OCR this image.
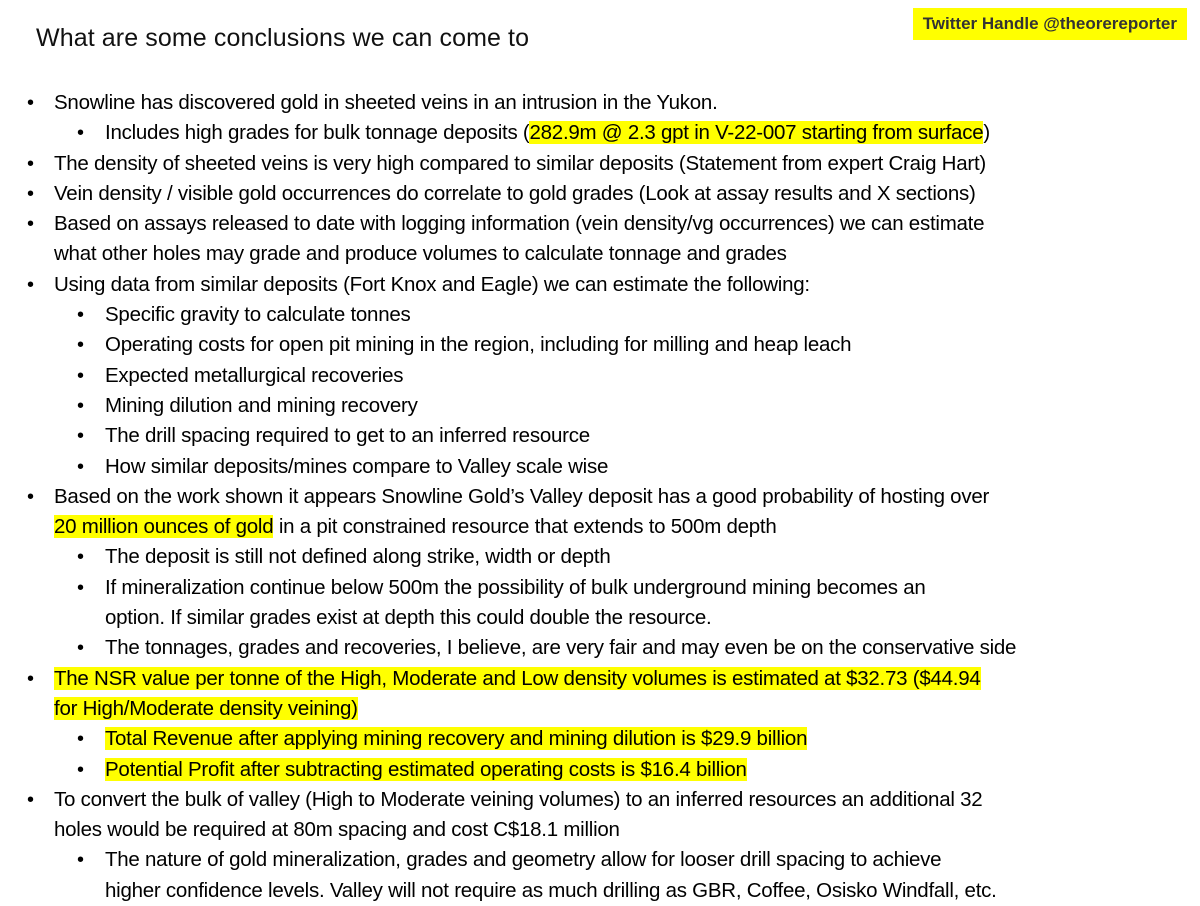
What are some conclusions we can come to
Twitter Handle @theorereporter
• Snowline has discovered gold in sheeted veins in an intrusion in the Yukon.
• Includes high grades for bulk tonnage deposits (282.9m @ 2.3 gpt in V-22-007 starting from surface)
• The density of sheeted veins is very high compared to similar deposits (Statement from expert Craig Hart)
• Vein density / visible gold occurrences do correlate to gold grades (Look at assay results and X sections)
• Based on assays released to date with logging information (vein density/vg occurrences) we can estimate
what other holes may grade and produce volumes to calculate tonnage and grades
• Using data from similar deposits (Fort Knox and Eagle) we can estimate the following:
• Specific gravity to calculate tonnes
• Operating costs for open pit mining in the region, including for milling and heap leach
• Expected metallurgical recoveries
• Mining dilution and mining recovery
• The drill spacing required to get to an inferred resource
• How similar deposits/mines compare to Valley scale wise
• Based on the work shown it appears Snowline Gold’s Valley deposit has a good probability of hosting over
20 million ounces of gold in a pit constrained resource that extends to 500m depth
• The deposit is still not defined along strike, width or depth
• If mineralization continue below 500m the possibility of bulk underground mining becomes an
option. If similar grades exist at depth this could double the resource.
• The tonnages, grades and recoveries, I believe, are very fair and may even be on the conservative side
• The NSR value per tonne of the High, Moderate and Low density volumes is estimated at $32.73 ($44.94
for High/Moderate density veining)
• Total Revenue after applying mining recovery and mining dilution is $29.9 billion
• Potential Profit after subtracting estimated operating costs is $16.4 billion
• To convert the bulk of valley (High to Moderate veining volumes) to an inferred resources an additional 32
holes would be required at 80m spacing and cost C$18.1 million
• The nature of gold mineralization, grades and geometry allow for looser drill spacing to achieve
higher confidence levels. Valley will not require as much drilling as GBR, Coffee, Osisko Windfall, etc.
